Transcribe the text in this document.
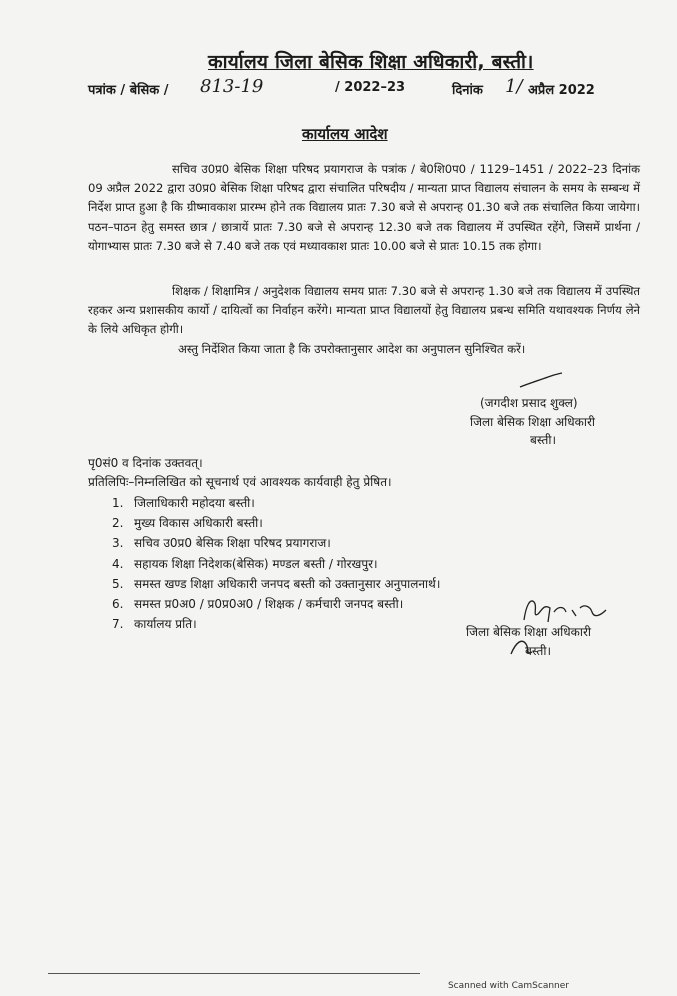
कार्यालय जिला बेसिक शिक्षा अधिकारी, बस्ती।
पत्रांक / बेसिक / 813-19	/ 2022–23	दिनांक 1/ अप्रैल 2022
कार्यालय आदेश

सचिव उ0प्र0 बेसिक शिक्षा परिषद प्रयागराज के पत्रांक / बे0शि0प0 / 1129–1451 / 2022–23 दिनांक 09 अप्रैल 2022 द्वारा उ0प्र0 बेसिक शिक्षा परिषद द्वारा संचालित परिषदीय / मान्यता प्राप्त विद्यालय संचालन के समय के सम्बन्ध में निर्देश प्राप्त हुआ है कि ग्रीष्मावकाश प्रारम्भ होने तक विद्यालय प्रातः 7.30 बजे से अपरान्ह 01.30 बजे तक संचालित किया जायेगा। पठन–पाठन हेतु समस्त छात्र / छात्रायें प्रातः 7.30 बजे से अपरान्ह 12.30 बजे तक विद्यालय में उपस्थित रहेंगे, जिसमें प्रार्थना / योगाभ्यास प्रातः 7.30 बजे से 7.40 बजे तक एवं मध्यावकाश प्रातः 10.00 बजे से प्रातः 10.15 तक होगा।

शिक्षक / शिक्षामित्र / अनुदेशक विद्यालय समय प्रातः 7.30 बजे से अपरान्ह 1.30 बजे तक विद्यालय में उपस्थित रहकर अन्य प्रशासकीय कार्यो / दायित्वों का निर्वाहन करेंगे। मान्यता प्राप्त विद्यालयों हेतु विद्यालय प्रबन्ध समिति यथावश्यक निर्णय लेने के लिये अधिकृत होगी।

अस्तु निर्देशित किया जाता है कि उपरोक्तानुसार आदेश का अनुपालन सुनिश्चित करें।

(जगदीश प्रसाद शुक्ल)
जिला बेसिक शिक्षा अधिकारी
बस्ती।
पृ0सं0 व दिनांक उक्तवत्।
प्रतिलिपिः–निम्नलिखित को सूचनार्थ एवं आवश्यक कार्यवाही हेतु प्रेषित।
1. जिलाधिकारी महोदया बस्ती।
2. मुख्य विकास अधिकारी बस्ती।
3. सचिव उ0प्र0 बेसिक शिक्षा परिषद प्रयागराज।
4. सहायक शिक्षा निदेशक(बेसिक) मण्डल बस्ती / गोरखपुर।
5. समस्त खण्ड शिक्षा अधिकारी जनपद बस्ती को उक्तानुसार अनुपालनार्थ।
6. समस्त प्र0अ0 / प्र0प्र0अ0 / शिक्षक / कर्मचारी जनपद बस्ती।
7. कार्यालय प्रति।
जिला बेसिक शिक्षा अधिकारी
बस्ती।
Scanned with CamScanner
